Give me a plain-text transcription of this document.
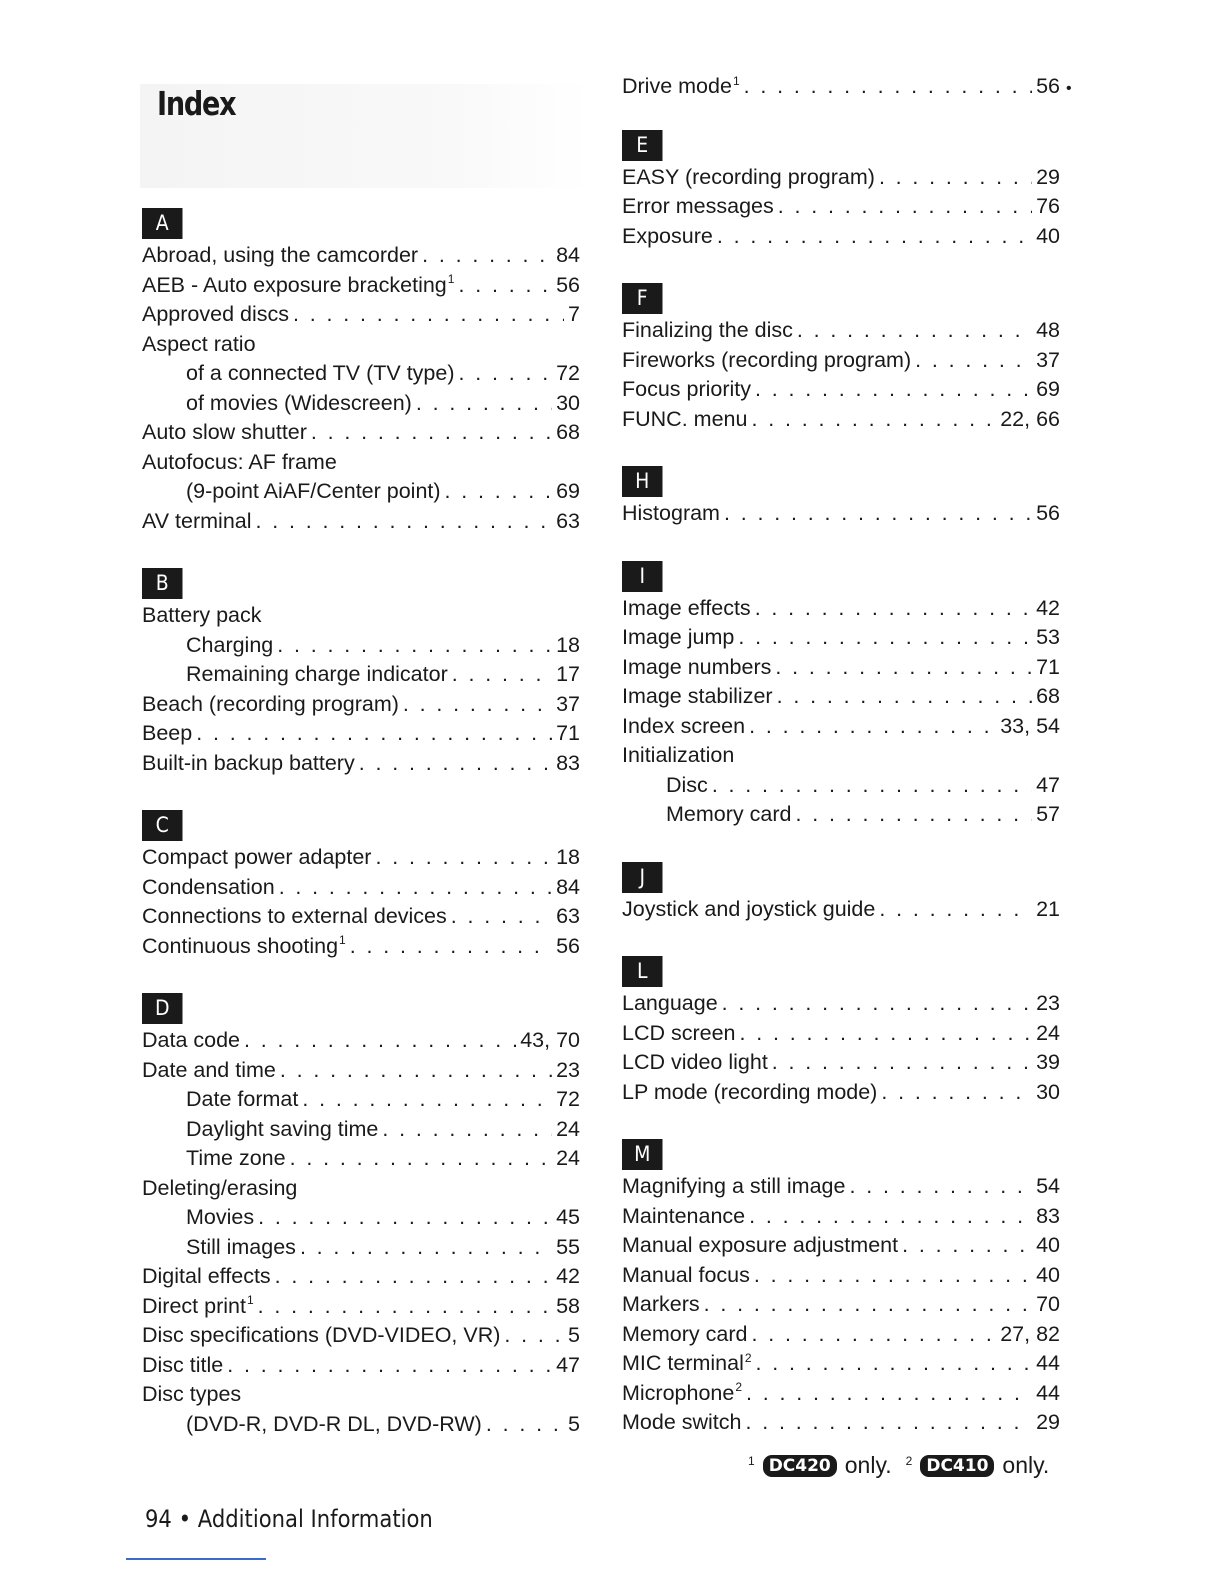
Index
A
Abroad, using the camcorder . . .	84
AEB - Auto exposure bracketing$^1$ . . .	56
Approved discs . . .	7
Aspect ratio
of a connected TV (TV type) . . .	72
of movies (Widescreen) . . .	30
Auto slow shutter . . .	68
Autofocus: AF frame
(9-point AiAF/Center point) . . .	69
AV terminal . . .	63
B
Battery pack
Charging . . .	18
Remaining charge indicator . . .	17
Beach (recording program) . . .	37
Beep . . .	71
Built-in backup battery . . .	83
C
Compact power adapter . . .	18
Condensation . . .	84
Connections to external devices . . .	63
Continuous shooting$^1$ . . .	56
D
Data code . . .	43, 70
Date and time . . .	23
Date format . . .	72
Daylight saving time . . .	24
Time zone . . .	24
Deleting/erasing
Movies . . .	45
Still images . . .	55
Digital effects . . .	42
Direct print$^1$ . . .	58
Disc specifications (DVD-VIDEO, VR) . . .	5
Disc title . . .	47
Disc types
(DVD-R, DVD-R DL, DVD-RW) . . .	5
Drive mode$^1$ . . .	56
E
EASY (recording program) . . .	29
Error messages . . .	76
Exposure . . .	40
F
Finalizing the disc . . .	48
Fireworks (recording program) . . .	37
Focus priority . . .	69
FUNC. menu . . .	22, 66
H
Histogram . . .	56
I
Image effects . . .	42
Image jump . . .	53
Image numbers . . .	71
Image stabilizer . . .	68
Index screen . . .	33, 54
Initialization
Disc . . .	47
Memory card . . .	57
J
Joystick and joystick guide . . .	21
L
Language . . .	23
LCD screen . . .	24
LCD video light . . .	39
LP mode (recording mode) . . .	30
M
Magnifying a still image . . .	54
Maintenance . . .	83
Manual exposure adjustment . . .	40
Manual focus . . .	40
Markers . . .	70
Memory card . . .	27, 82
MIC terminal$^2$ . . .	44
Microphone$^2$ . . .	44
Mode switch . . .	29
•
1 DC420 only. 2 DC410 only.
94 • Additional Information
